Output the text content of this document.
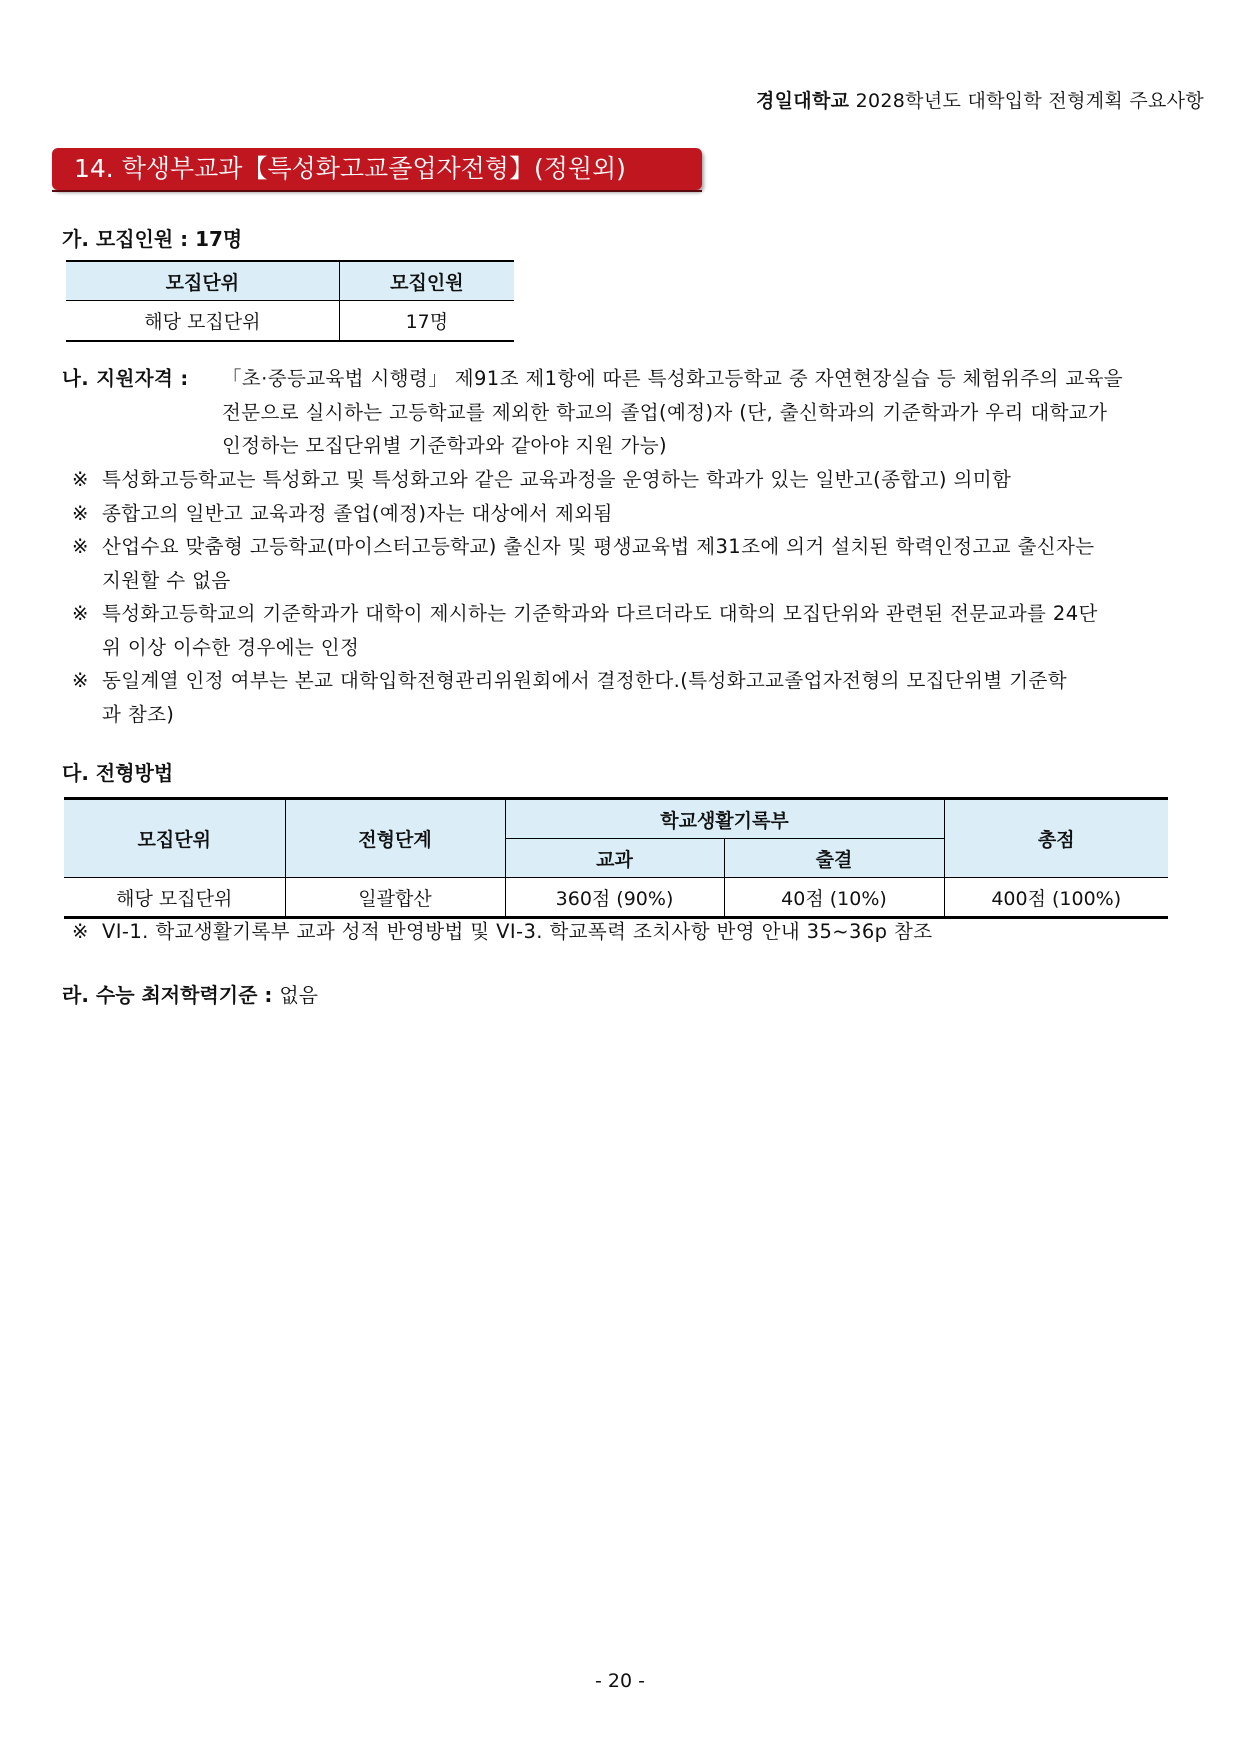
경일대학교 2028학년도 대학입학 전형계획 주요사항
14. 학생부교과【특성화고교졸업자전형】(정원외)
가. 모집인원 : 17명
모집단위	모집인원
해당 모집단위	17명
나. 지원자격 : 「초·중등교육법 시행령」 제91조 제1항에 따른 특성화고등학교 중 자연현장실습 등 체험위주의 교육을
전문으로 실시하는 고등학교를 제외한 학교의 졸업(예정)자 (단, 출신학과의 기준학과가 우리 대학교가
인정하는 모집단위별 기준학과와 같아야 지원 가능)
※ 특성화고등학교는 특성화고 및 특성화고와 같은 교육과정을 운영하는 학과가 있는 일반고(종합고) 의미함
※ 종합고의 일반고 교육과정 졸업(예정)자는 대상에서 제외됨
※ 산업수요 맞춤형 고등학교(마이스터고등학교) 출신자 및 평생교육법 제31조에 의거 설치된 학력인정고교 출신자는
지원할 수 없음
※ 특성화고등학교의 기준학과가 대학이 제시하는 기준학과와 다르더라도 대학의 모집단위와 관련된 전문교과를 24단
위 이상 이수한 경우에는 인정
※ 동일계열 인정 여부는 본교 대학입학전형관리위원회에서 결정한다.(특성화고교졸업자전형의 모집단위별 기준학
과 참조)
다. 전형방법
모집단위	전형단계	학교생활기록부		총점
		교과	출결	
해당 모집단위	일괄합산	360점 (90%)	40점 (10%)	400점 (100%)
※ VI-1. 학교생활기록부 교과 성적 반영방법 및 VI-3. 학교폭력 조치사항 반영 안내 35~36p 참조
라. 수능 최저학력기준 : 없음
- 20 -
